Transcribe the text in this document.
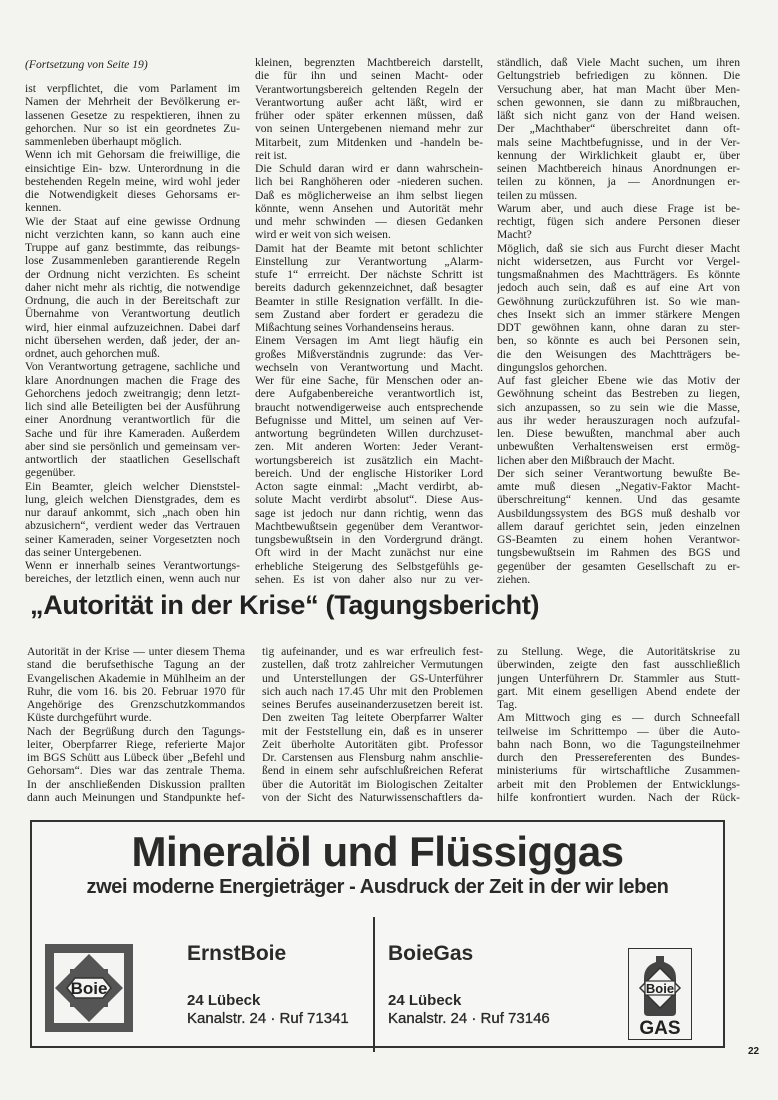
(Fortsetzung von Seite 19)
ist verpflichtet, die vom Parlament im
Namen der Mehrheit der Bevölkerung er-
lassenen Gesetze zu respektieren, ihnen zu
gehorchen. Nur so ist ein geordnetes Zu-
sammenleben überhaupt möglich.
Wenn ich mit Gehorsam die freiwillige, die
einsichtige Ein- bzw. Unterordnung in die
bestehenden Regeln meine, wird wohl jeder
die Notwendigkeit dieses Gehorsams er-
kennen.
Wie der Staat auf eine gewisse Ordnung
nicht verzichten kann, so kann auch eine
Truppe auf ganz bestimmte, das reibungs-
lose Zusammenleben garantierende Regeln
der Ordnung nicht verzichten. Es scheint
daher nicht mehr als richtig, die notwendige
Ordnung, die auch in der Bereitschaft zur
Übernahme von Verantwortung deutlich
wird, hier einmal aufzuzeichnen. Dabei darf
nicht übersehen werden, daß jeder, der an-
ordnet, auch gehorchen muß.
Von Verantwortung getragene, sachliche und
klare Anordnungen machen die Frage des
Gehorchens jedoch zweitrangig; denn letzt-
lich sind alle Beteiligten bei der Ausführung
einer Anordnung verantwortlich für die
Sache und für ihre Kameraden. Außerdem
aber sind sie persönlich und gemeinsam ver-
antwortlich der staatlichen Gesellschaft
gegenüber.
Ein Beamter, gleich welcher Dienststel-
lung, gleich welchen Dienstgrades, dem es
nur darauf ankommt, sich „nach oben hin
abzusichern“, verdient weder das Vertrauen
seiner Kameraden, seiner Vorgesetzten noch
das seiner Untergebenen.
Wenn er innerhalb seines Verantwortungs-
bereiches, der letztlich einen, wenn auch nur
kleinen, begrenzten Machtbereich darstellt,
die für ihn und seinen Macht- oder
Verantwortungsbereich geltenden Regeln der
Verantwortung außer acht läßt, wird er
früher oder später erkennen müssen, daß
von seinen Untergebenen niemand mehr zur
Mitarbeit, zum Mitdenken und -handeln be-
reit ist.
Die Schuld daran wird er dann wahrschein-
lich bei Ranghöheren oder -niederen suchen.
Daß es möglicherweise an ihm selbst liegen
könnte, wenn Ansehen und Autorität mehr
und mehr schwinden — diesen Gedanken
wird er weit von sich weisen.
Damit hat der Beamte mit betont schlichter
Einstellung zur Verantwortung „Alarm-
stufe 1“ errreicht. Der nächste Schritt ist
bereits dadurch gekennzeichnet, daß besagter
Beamter in stille Resignation verfällt. In die-
sem Zustand aber fordert er geradezu die
Mißachtung seines Vorhandenseins heraus.
Einem Versagen im Amt liegt häufig ein
großes Mißverständnis zugrunde: das Ver-
wechseln von Verantwortung und Macht.
Wer für eine Sache, für Menschen oder an-
dere Aufgabenbereiche verantwortlich ist,
braucht notwendigerweise auch entsprechende
Befugnisse und Mittel, um seinen auf Ver-
antwortung begründeten Willen durchzuset-
zen. Mit anderen Worten: Jeder Verant-
wortungsbereich ist zusätzlich ein Macht-
bereich. Und der englische Historiker Lord
Acton sagte einmal: „Macht verdirbt, ab-
solute Macht verdirbt absolut“. Diese Aus-
sage ist jedoch nur dann richtig, wenn das
Machtbewußtsein gegenüber dem Verantwor-
tungsbewußtsein in den Vordergrund drängt.
Oft wird in der Macht zunächst nur eine
erhebliche Steigerung des Selbstgefühls ge-
sehen. Es ist von daher also nur zu ver-
ständlich, daß Viele Macht suchen, um ihren
Geltungstrieb befriedigen zu können. Die
Versuchung aber, hat man Macht über Men-
schen gewonnen, sie dann zu mißbrauchen,
läßt sich nicht ganz von der Hand weisen.
Der „Machthaber“ überschreitet dann oft-
mals seine Machtbefugnisse, und in der Ver-
kennung der Wirklichkeit glaubt er, über
seinen Machtbereich hinaus Anordnungen er-
teilen zu können, ja — Anordnungen er-
teilen zu müssen.
Warum aber, und auch diese Frage ist be-
rechtigt, fügen sich andere Personen dieser
Macht?
Möglich, daß sie sich aus Furcht dieser Macht
nicht widersetzen, aus Furcht vor Vergel-
tungsmaßnahmen des Machtträgers. Es könnte
jedoch auch sein, daß es auf eine Art von
Gewöhnung zurückzuführen ist. So wie man-
ches Insekt sich an immer stärkere Mengen
DDT gewöhnen kann, ohne daran zu ster-
ben, so könnte es auch bei Personen sein,
die den Weisungen des Machtträgers be-
dingungslos gehorchen.
Auf fast gleicher Ebene wie das Motiv der
Gewöhnung scheint das Bestreben zu liegen,
sich anzupassen, so zu sein wie die Masse,
aus ihr weder herauszuragen noch aufzufal-
len. Diese bewußten, manchmal aber auch
unbewußten Verhaltensweisen erst ermög-
lichen aber den Mißbrauch der Macht.
Der sich seiner Verantwortung bewußte Be-
amte muß diesen „Negativ-Faktor Macht-
überschreitung“ kennen. Und das gesamte
Ausbildungssystem des BGS muß deshalb vor
allem darauf gerichtet sein, jeden einzelnen
GS-Beamten zu einem hohen Verantwor-
tungsbewußtsein im Rahmen des BGS und
gegenüber der gesamten Gesellschaft zu er-
ziehen.
„Autorität in der Krise“ (Tagungsbericht)
Autorität in der Krise — unter diesem Thema
stand die berufsethische Tagung an der
Evangelischen Akademie in Mühlheim an der
Ruhr, die vom 16. bis 20. Februar 1970 für
Angehörige des Grenzschutzkommandos
Küste durchgeführt wurde.
Nach der Begrüßung durch den Tagungs-
leiter, Oberpfarrer Riege, referierte Major
im BGS Schütt aus Lübeck über „Befehl und
Gehorsam“. Dies war das zentrale Thema.
In der anschließenden Diskussion prallten
dann auch Meinungen und Standpunkte hef-
tig aufeinander, und es war erfreulich fest-
zustellen, daß trotz zahlreicher Vermutungen
und Unterstellungen der GS-Unterführer
sich auch nach 17.45 Uhr mit den Problemen
seines Berufes auseinanderzusetzen bereit ist.
Den zweiten Tag leitete Oberpfarrer Walter
mit der Feststellung ein, daß es in unserer
Zeit überholte Autoritäten gibt. Professor
Dr. Carstensen aus Flensburg nahm anschlie-
ßend in einem sehr aufschlußreichen Referat
über die Autorität im Biologischen Zeitalter
von der Sicht des Naturwissenschaftlers da-
zu Stellung. Wege, die Autoritätskrise zu
überwinden, zeigte den fast ausschließlich
jungen Unterführern Dr. Stammler aus Stutt-
gart. Mit einem geselligen Abend endete der
Tag.
Am Mittwoch ging es — durch Schneefall
teilweise im Schrittempo — über die Auto-
bahn nach Bonn, wo die Tagungsteilnehmer
durch den Pressereferenten des Bundes-
ministeriums für wirtschaftliche Zusammen-
arbeit mit den Problemen der Entwicklungs-
hilfe konfrontiert wurden. Nach der Rück-
Mineralöl und Flüssiggas
zwei moderne Energieträger - Ausdruck der Zeit in der wir leben
Boie
ErnstBoie
24 Lübeck
Kanalstr. 24 · Ruf 71341
BoieGas
24 Lübeck
Kanalstr. 24 · Ruf 73146
Boie
GAS
22
